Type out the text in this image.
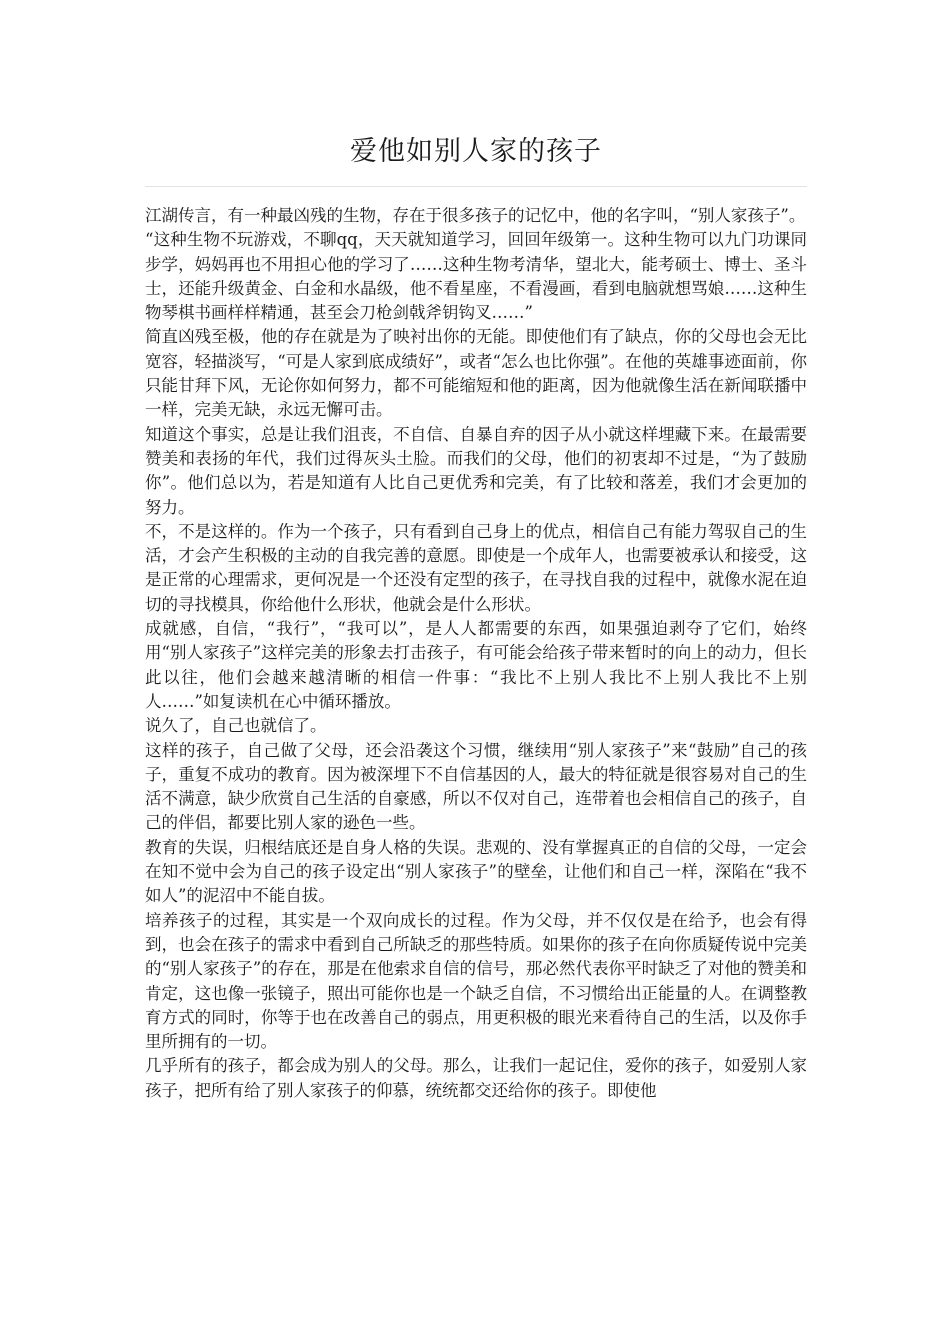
爱他如别人家的孩子

江湖传言，有一种最凶残的生物，存在于很多孩子的记忆中，他的名字叫，“别人家孩子”。

“这种生物不玩游戏，不聊qq，天天就知道学习，回回年级第一。这种生物可以九门功课同步学，妈妈再也不用担心他的学习了……这种生物考清华，望北大，能考硕士、博士、圣斗士，还能升级黄金、白金和水晶级，他不看星座，不看漫画，看到电脑就想骂娘……这种生物琴棋书画样样精通，甚至会刀枪剑戟斧钥钩叉……”

简直凶残至极，他的存在就是为了映衬出你的无能。即使他们有了缺点，你的父母也会无比宽容，轻描淡写，“可是人家到底成绩好”，或者“怎么也比你强”。在他的英雄事迹面前，你只能甘拜下风，无论你如何努力，都不可能缩短和他的距离，因为他就像生活在新闻联播中一样，完美无缺，永远无懈可击。

知道这个事实，总是让我们沮丧，不自信、自暴自弃的因子从小就这样埋藏下来。在最需要赞美和表扬的年代，我们过得灰头土脸。而我们的父母，他们的初衷却不过是，“为了鼓励你”。他们总以为，若是知道有人比自己更优秀和完美，有了比较和落差，我们才会更加的努力。

不，不是这样的。作为一个孩子，只有看到自己身上的优点，相信自己有能力驾驭自己的生活，才会产生积极的主动的自我完善的意愿。即使是一个成年人，也需要被承认和接受，这是正常的心理需求，更何况是一个还没有定型的孩子，在寻找自我的过程中，就像水泥在迫切的寻找模具，你给他什么形状，他就会是什么形状。

成就感，自信，“我行”，“我可以”，是人人都需要的东西，如果强迫剥夺了它们，始终用“别人家孩子”这样完美的形象去打击孩子，有可能会给孩子带来暂时的向上的动力，但长此以往，他们会越来越清晰的相信一件事：“我比不上别人我比不上别人我比不上别人……”如复读机在心中循环播放。

说久了，自己也就信了。

这样的孩子，自己做了父母，还会沿袭这个习惯，继续用“别人家孩子”来“鼓励”自己的孩子，重复不成功的教育。因为被深埋下不自信基因的人，最大的特征就是很容易对自己的生活不满意，缺少欣赏自己生活的自豪感，所以不仅对自己，连带着也会相信自己的孩子，自己的伴侣，都要比别人家的逊色一些。

教育的失误，归根结底还是自身人格的失误。悲观的、没有掌握真正的自信的父母，一定会在知不觉中会为自己的孩子设定出“别人家孩子”的壁垒，让他们和自己一样，深陷在“我不如人”的泥沼中不能自拔。

培养孩子的过程，其实是一个双向成长的过程。作为父母，并不仅仅是在给予，也会有得到，也会在孩子的需求中看到自己所缺乏的那些特质。如果你的孩子在向你质疑传说中完美的“别人家孩子”的存在，那是在他索求自信的信号，那必然代表你平时缺乏了对他的赞美和肯定，这也像一张镜子，照出可能你也是一个缺乏自信，不习惯给出正能量的人。在调整教育方式的同时，你等于也在改善自己的弱点，用更积极的眼光来看待自己的生活，以及你手里所拥有的一切。

几乎所有的孩子，都会成为别人的父母。那么，让我们一起记住，爱你的孩子，如爱别人家孩子，把所有给了别人家孩子的仰慕，统统都交还给你的孩子。即使他
